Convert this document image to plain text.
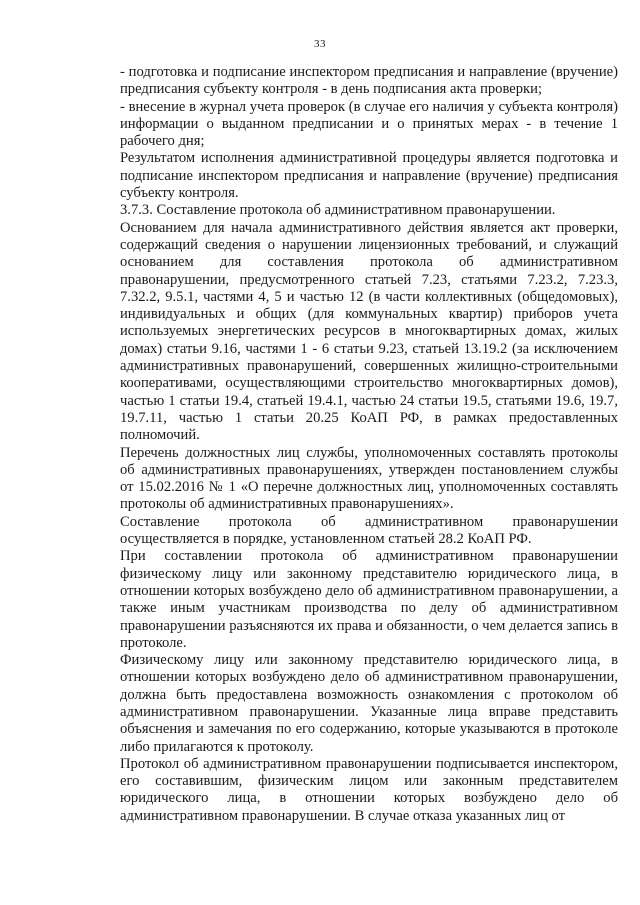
33

- подготовка и подписание инспектором предписания и направление (вручение) предписания субъекту контроля - в день подписания акта проверки;

- внесение в журнал учета проверок (в случае его наличия у субъекта контроля) информации о выданном предписании и о принятых мерах - в течение 1 рабочего дня;

Результатом исполнения административной процедуры является подготовка и подписание инспектором предписания и направление (вручение) предписания субъекту контроля.

3.7.3. Составление протокола об административном правонарушении.

Основанием для начала административного действия является акт проверки, содержащий сведения о нарушении лицензионных требований, и служащий основанием для составления протокола об административном правонарушении, предусмотренного статьей 7.23, статьями 7.23.2, 7.23.3, 7.32.2, 9.5.1, частями 4, 5 и частью 12 (в части коллективных (общедомовых), индивидуальных и общих (для коммунальных квартир) приборов учета используемых энергетических ресурсов в многоквартирных домах, жилых домах) статьи 9.16, частями 1 - 6 статьи 9.23, статьей 13.19.2 (за исключением административных правонарушений, совершенных жилищно-строительными кооперативами, осуществляющими строительство многоквартирных домов), частью 1 статьи 19.4, статьей 19.4.1, частью 24 статьи 19.5, статьями 19.6, 19.7, 19.7.11, частью 1 статьи 20.25 КоАП РФ, в рамках предоставленных полномочий.

Перечень должностных лиц службы, уполномоченных составлять протоколы об административных правонарушениях, утвержден постановлением службы от 15.02.2016 № 1 «О перечне должностных лиц, уполномоченных составлять протоколы об административных правонарушениях».

Составление протокола об административном правонарушении осуществляется в порядке, установленном статьей 28.2 КоАП РФ.

При составлении протокола об административном правонарушении физическому лицу или законному представителю юридического лица, в отношении которых возбуждено дело об административном правонарушении, а также иным участникам производства по делу об административном правонарушении разъясняются их права и обязанности, о чем делается запись в протоколе.

Физическому лицу или законному представителю юридического лица, в отношении которых возбуждено дело об административном правонарушении, должна быть предоставлена возможность ознакомления с протоколом об административном правонарушении. Указанные лица вправе представить объяснения и замечания по его содержанию, которые указываются в протоколе либо прилагаются к протоколу.

Протокол об административном правонарушении подписывается инспектором, его составившим, физическим лицом или законным представителем юридического лица, в отношении которых возбуждено дело об административном правонарушении. В случае отказа указанных лиц от
